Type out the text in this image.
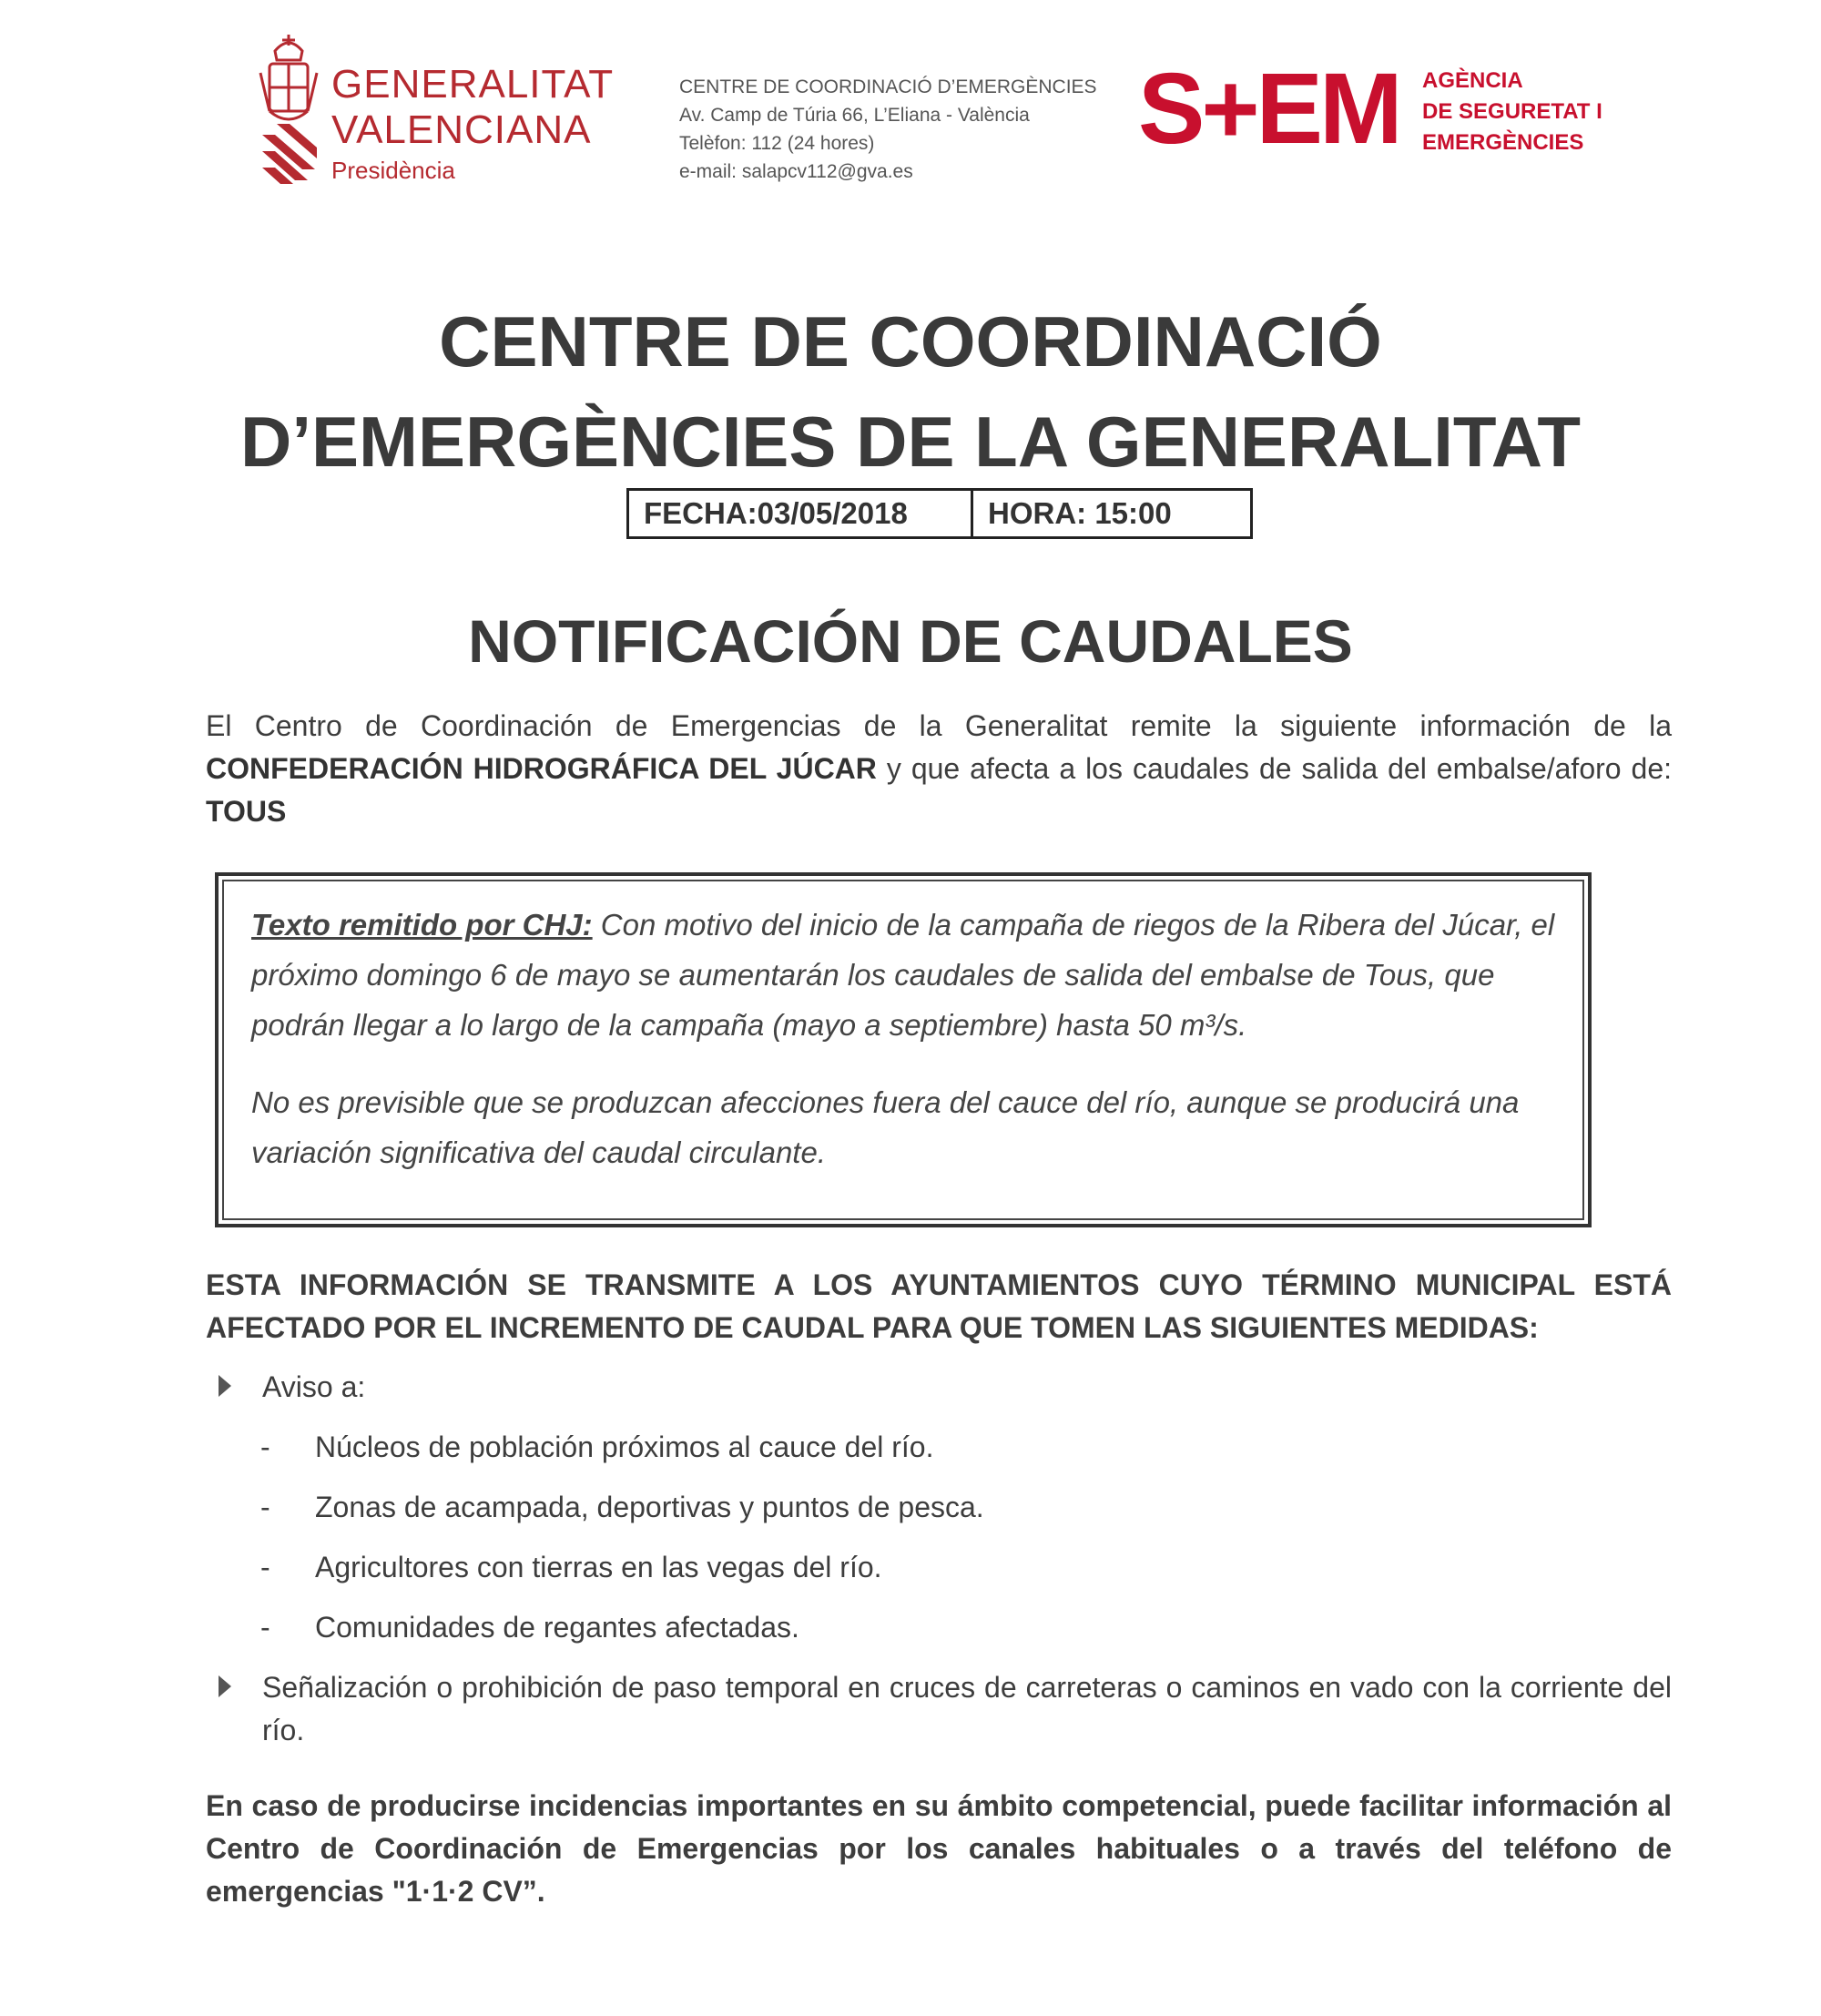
GENERALITAT
VALENCIANA
Presidència
CENTRE DE COORDINACIÓ D’EMERGÈNCIES
Av. Camp de Túria 66, L’Eliana - València
Telèfon: 112 (24 hores)
e-mail: salapcv112@gva.es
S+EM AGÈNCIA
DE SEGURETAT I
EMERGÈNCIES
CENTRE DE COORDINACIÓ
D’EMERGÈNCIES DE LA GENERALITAT
FECHA:03/05/2018	HORA: 15:00
NOTIFICACIÓN DE CAUDALES
El Centro de Coordinación de Emergencias de la Generalitat remite la siguiente información de la CONFEDERACIÓN HIDROGRÁFICA DEL JÚCAR y que afecta a los caudales de salida del embalse/aforo de: TOUS

Texto remitido por CHJ: Con motivo del inicio de la campaña de riegos de la Ribera del Júcar, el próximo domingo 6 de mayo se aumentarán los caudales de salida del embalse de Tous, que podrán llegar a lo largo de la campaña (mayo a septiembre) hasta 50 m³/s.

No es previsible que se produzcan afecciones fuera del cauce del río, aunque se producirá una variación significativa del caudal circulante.

ESTA INFORMACIÓN SE TRANSMITE A LOS AYUNTAMIENTOS CUYO TÉRMINO MUNICIPAL ESTÁ AFECTADO POR EL INCREMENTO DE CAUDAL PARA QUE TOMEN LAS SIGUIENTES MEDIDAS:
Aviso a:
- Núcleos de población próximos al cauce del río.
- Zonas de acampada, deportivas y puntos de pesca.
- Agricultores con tierras en las vegas del río.
- Comunidades de regantes afectadas.
Señalización o prohibición de paso temporal en cruces de carreteras o caminos en vado con la corriente del río.
En caso de producirse incidencias importantes en su ámbito competencial, puede facilitar información al Centro de Coordinación de Emergencias por los canales habituales o a través del teléfono de emergencias "1·1·2 CV”.
